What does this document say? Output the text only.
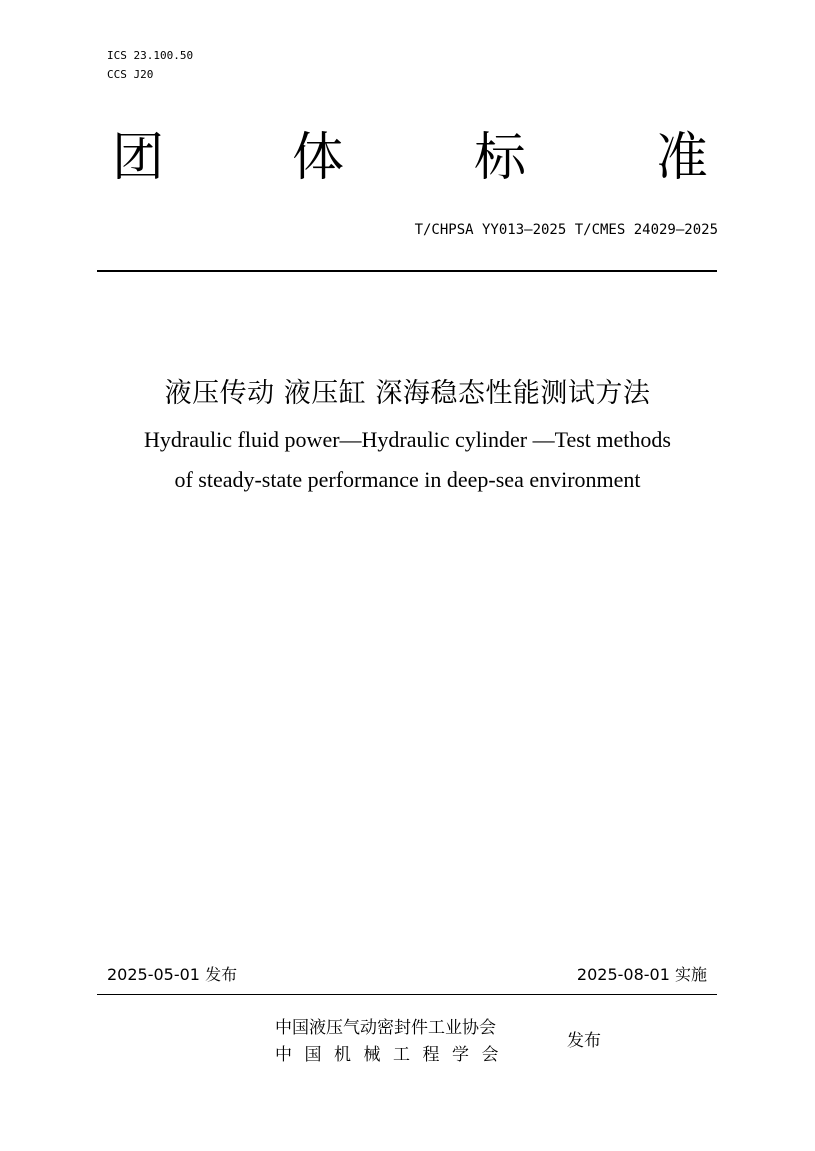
ICS 23.100.50
CCS J20
团 体 标 准
T/CHPSA YY013—2025 T/CMES 24029—2025
液压传动 液压缸 深海稳态性能测试方法
Hydraulic fluid power—Hydraulic cylinder —Test methods
of steady-state performance in deep-sea environment
2025-05-01 发布	2025-08-01 实施
中国液压气动密封件工业协会
中国机械工程学会
发布
